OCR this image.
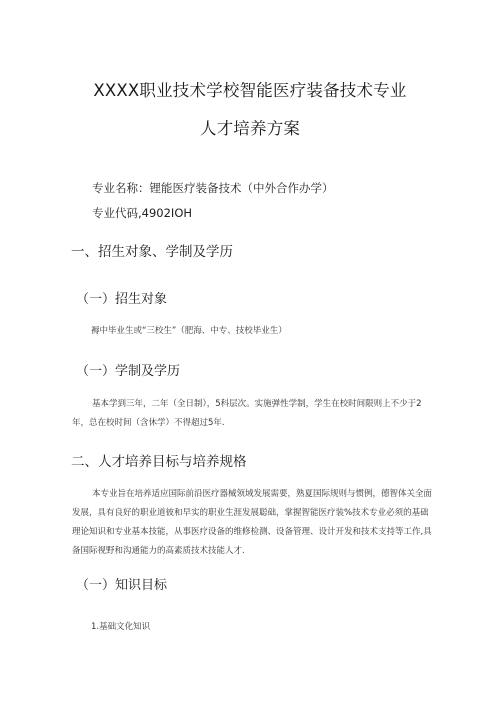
XXXX职业技术学校智能医疗装备技术专业
人才培养方案
专业名称：锂能医疗装备技术（中外合作办学）
专业代码,4902IOH
一、招生对象、学制及学历
（一）招生对象
褥中毕业生或“三校生”（肥海、中专、技校毕业生）
（一）学制及学历
基本学到三年，二年（全日制），5科层次。实施弹性学制，学生在校时间限则上不少于2
年，总在校时间（含休学）不得超过5年.
二、人才培养目标与培养规格
本专业旨在培养适应国际前沿医疗器械领域发展需要，熟夏国际规则与惯例，德智体关全面
发展，具有良好的职业道彼和早实的职业生涯发展聪础，掌握智能医疗装%技术专业必须的基础
理论知识和专业基本技能，从事医疗设备的维修检测、设备管理、设计开发和技术支持等工作,具
备国际视野和沟通能力的高素质技术技能人才.
（一）知识目标
1.基础文化知识
